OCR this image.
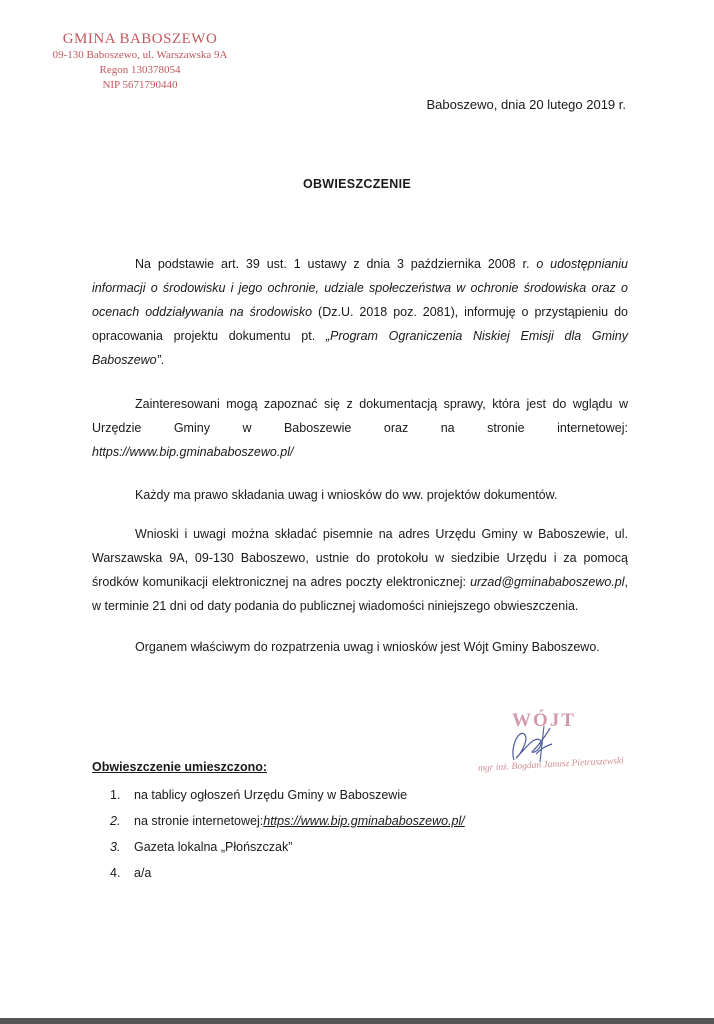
GMINA BABOSZEWO
09-130 Baboszewo, ul. Warszawska 9A
Regon 130378054
NIP 5671790440
Baboszewo, dnia 20 lutego 2019 r.
OBWIESZCZENIE

Na podstawie art. 39 ust. 1 ustawy z dnia 3 października 2008 r. o udostępnianiu informacji o środowisku i jego ochronie, udziale społeczeństwa w ochronie środowiska oraz o ocenach oddziaływania na środowisko (Dz.U. 2018 poz. 2081), informuję o przystąpieniu do opracowania projektu dokumentu pt. „Program Ograniczenia Niskiej Emisji dla Gminy Baboszewo”.

Zainteresowani mogą zapoznać się z dokumentacją sprawy, która jest do wglądu w Urzędzie Gminy w Baboszewie oraz na stronie internetowej: https://www.bip.gminababoszewo.pl/

Każdy ma prawo składania uwag i wniosków do ww. projektów dokumentów.

Wnioski i uwagi można składać pisemnie na adres Urzędu Gminy w Baboszewie, ul. Warszawska 9A, 09-130 Baboszewo, ustnie do protokołu w siedzibie Urzędu i za pomocą środków komunikacji elektronicznej na adres poczty elektronicznej: urzad@gminababoszewo.pl, w terminie 21 dni od daty podania do publicznej wiadomości niniejszego obwieszczenia.

Organem właściwym do rozpatrzenia uwag i wniosków jest Wójt Gminy Baboszewo.

WÓJT
mgr inż. Bogdan Janusz Pietruszewski
Obwieszczenie umieszczono:
1.	na tablicy ogłoszeń Urzędu Gminy w Baboszewie
2.	na stronie internetowej: https://www.bip.gminababoszewo.pl/
3.	Gazeta lokalna „Płońszczak”
4.	a/a
